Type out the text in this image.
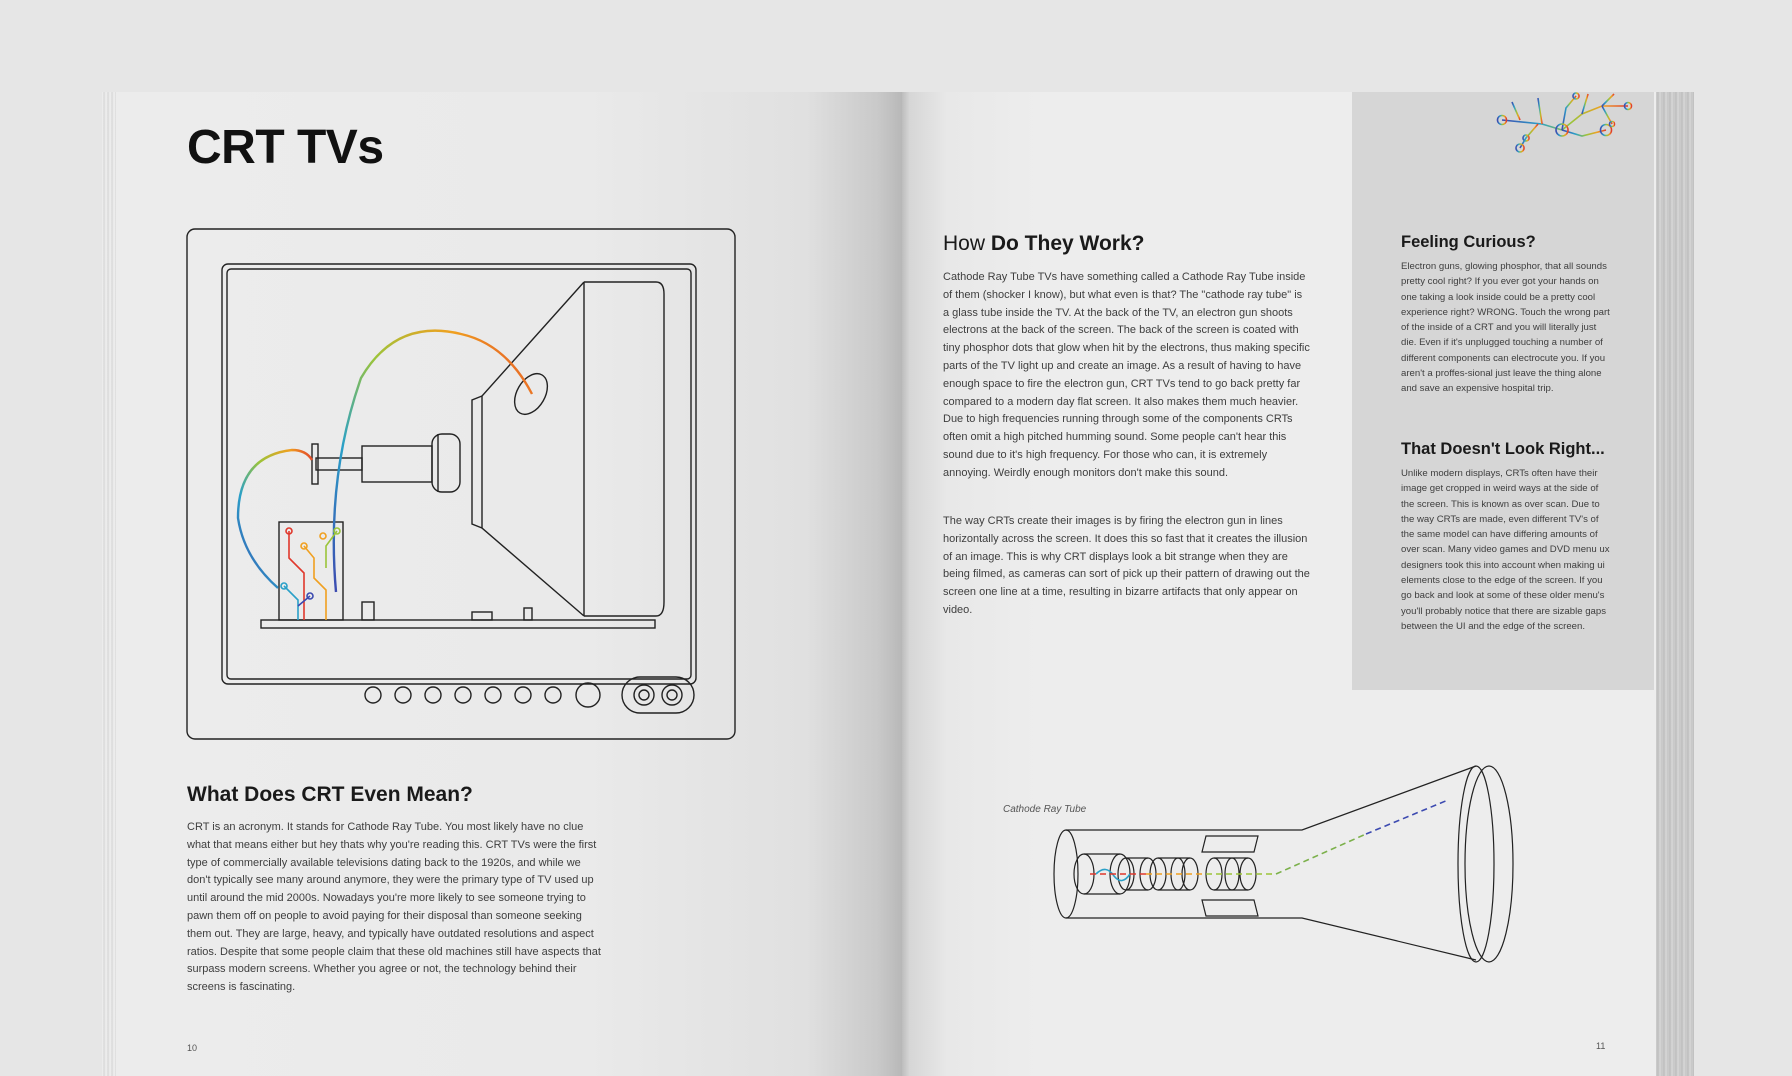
CRT TVs
What Does CRT Even Mean?

CRT is an acronym. It stands for Cathode Ray Tube. You most likely have no clue what that means either but hey thats why you're reading this. CRT TVs were the first type of commercially available televisions dating back to the 1920s, and while we don't typically see many around anymore, they were the primary type of TV used up until around the mid 2000s. Nowadays you're more likely to see someone trying to pawn them off on people to avoid paying for their disposal than someone seeking them out. They are large, heavy, and typically have outdated resolutions and aspect ratios. Despite that some people claim that these old machines still have aspects that surpass modern screens. Whether you agree or not, the technology behind their screens is fascinating.

10
How Do They Work?

Cathode Ray Tube TVs have something called a Cathode Ray Tube inside of them (shocker I know), but what even is that? The "cathode ray tube" is a glass tube inside the TV. At the back of the TV, an electron gun shoots electrons at the back of the screen. The back of the screen is coated with tiny phosphor dots that glow when hit by the electrons, thus making specific parts of the TV light up and create an image. As a result of having to have enough space to fire the electron gun, CRT TVs tend to go back pretty far compared to a modern day flat screen. It also makes them much heavier. Due to high frequencies running through some of the components CRTs often omit a high pitched humming sound. Some people can't hear this sound due to it's high frequency. For those who can, it is extremely annoying. Weirdly enough monitors don't make this sound.

The way CRTs create their images is by firing the electron gun in lines horizontally across the screen. It does this so fast that it creates the illusion of an image. This is why CRT displays look a bit strange when they are being filmed, as cameras can sort of pick up their pattern of drawing out the screen one line at a time, resulting in bizarre artifacts that only appear on video.

Feeling Curious?

Electron guns, glowing phosphor, that all sounds pretty cool right? If you ever got your hands on one taking a look inside could be a pretty cool experience right? WRONG. Touch the wrong part of the inside of a CRT and you will literally just die. Even if it's unplugged touching a number of different components can electrocute you. If you aren't a proffes-sional just leave the thing alone and save an expensive hospital trip.

That Doesn't Look Right...

Unlike modern displays, CRTs often have their image get cropped in weird ways at the side of the screen. This is known as over scan. Due to the way CRTs are made, even different TV's of the same model can have differing amounts of over scan. Many video games and DVD menu ux designers took this into account when making ui elements close to the edge of the screen. If you go back and look at some of these older menu's you'll probably notice that there are sizable gaps between the UI and the edge of the screen.

Cathode Ray Tube
11
